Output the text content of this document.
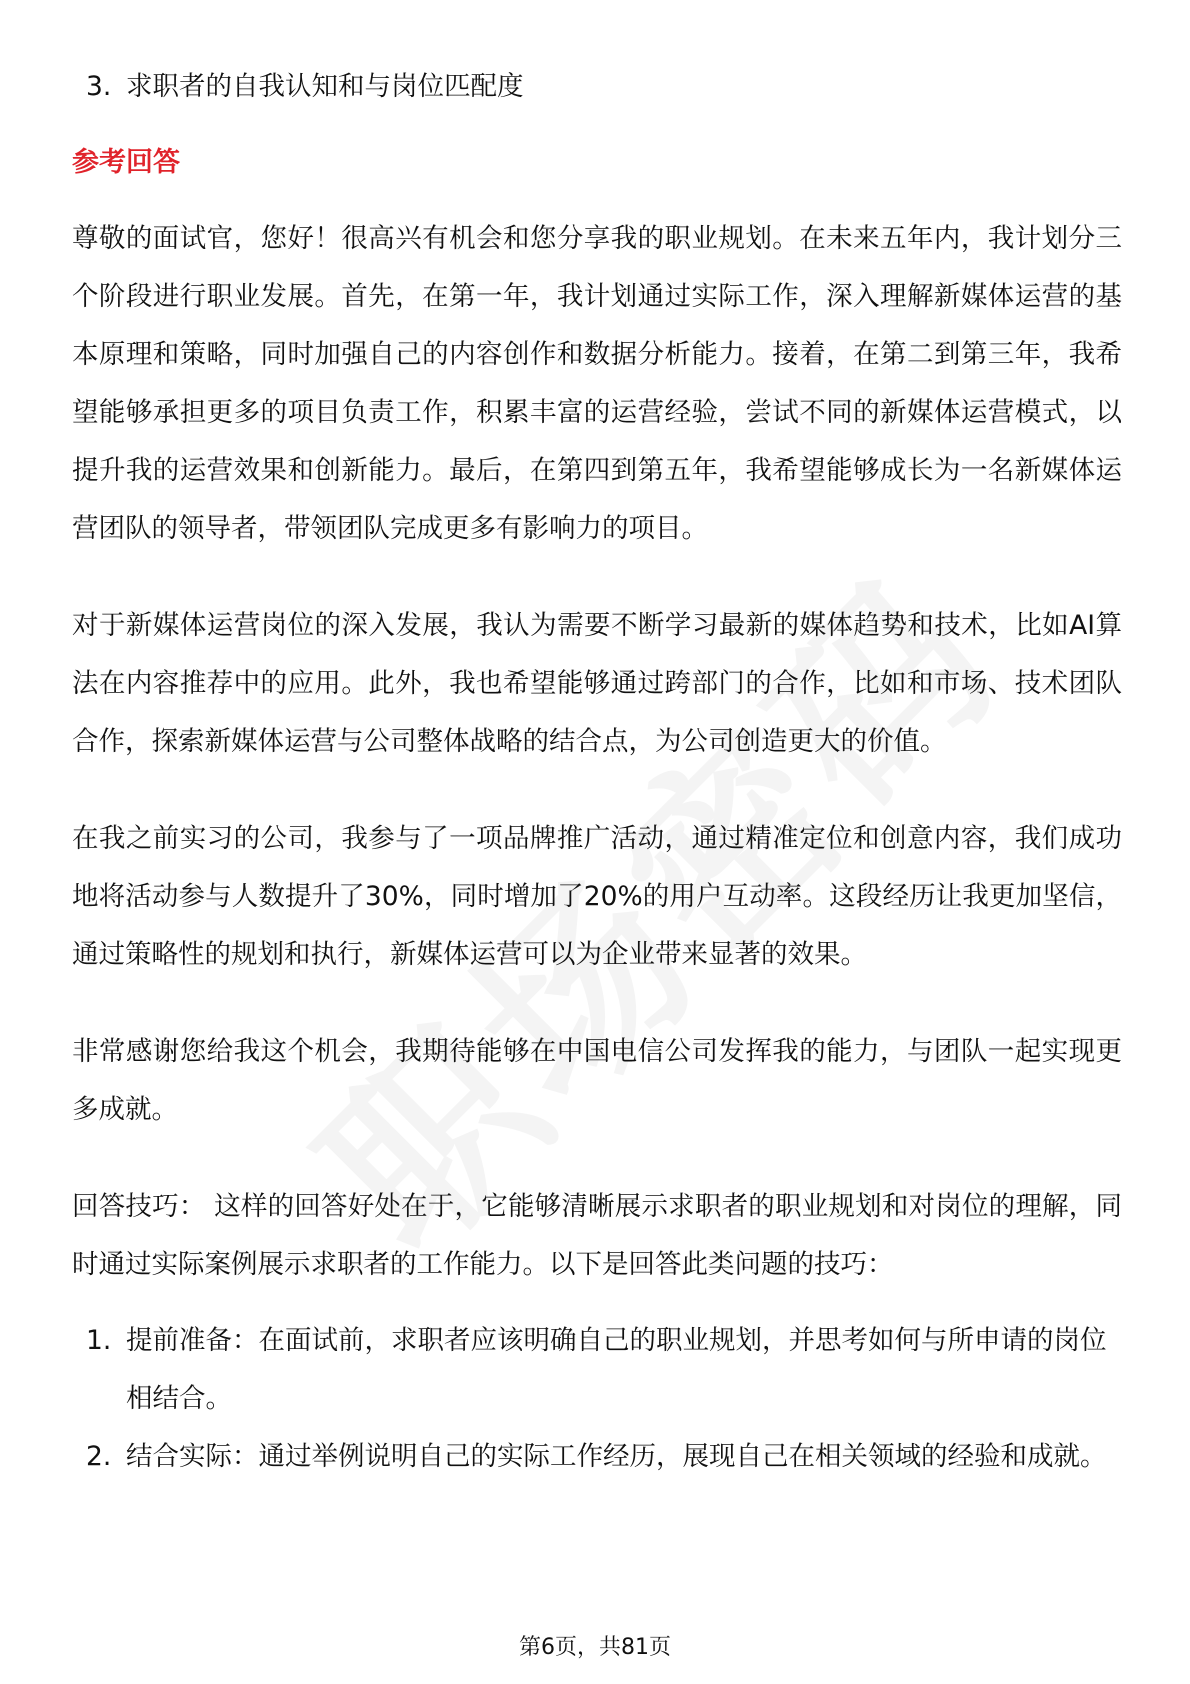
3. 求职者的自我认知和与岗位匹配度
参考回答

尊敬的面试官，您好！很高兴有机会和您分享我的职业规划。在未来五年内，我计划分三个阶段进行职业发展。首先，在第一年，我计划通过实际工作，深入理解新媒体运营的基本原理和策略，同时加强自己的内容创作和数据分析能力。接着，在第二到第三年，我希望能够承担更多的项目负责工作，积累丰富的运营经验，尝试不同的新媒体运营模式，以提升我的运营效果和创新能力。最后，在第四到第五年，我希望能够成长为一名新媒体运营团队的领导者，带领团队完成更多有影响力的项目。

对于新媒体运营岗位的深入发展，我认为需要不断学习最新的媒体趋势和技术，比如AI算法在内容推荐中的应用。此外，我也希望能够通过跨部门的合作，比如和市场、技术团队合作，探索新媒体运营与公司整体战略的结合点，为公司创造更大的价值。

在我之前实习的公司，我参与了一项品牌推广活动，通过精准定位和创意内容，我们成功地将活动参与人数提升了30%，同时增加了20%的用户互动率。这段经历让我更加坚信，通过策略性的规划和执行，新媒体运营可以为企业带来显著的效果。

非常感谢您给我这个机会，我期待能够在中国电信公司发挥我的能力，与团队一起实现更多成就。

回答技巧： 这样的回答好处在于，它能够清晰展示求职者的职业规划和对岗位的理解，同时通过实际案例展示求职者的工作能力。以下是回答此类问题的技巧：

1. 提前准备：在面试前，求职者应该明确自己的职业规划，并思考如何与所申请的岗位相结合。
2. 结合实际：通过举例说明自己的实际工作经历，展现自己在相关领域的经验和成就。
第6页，共81页
